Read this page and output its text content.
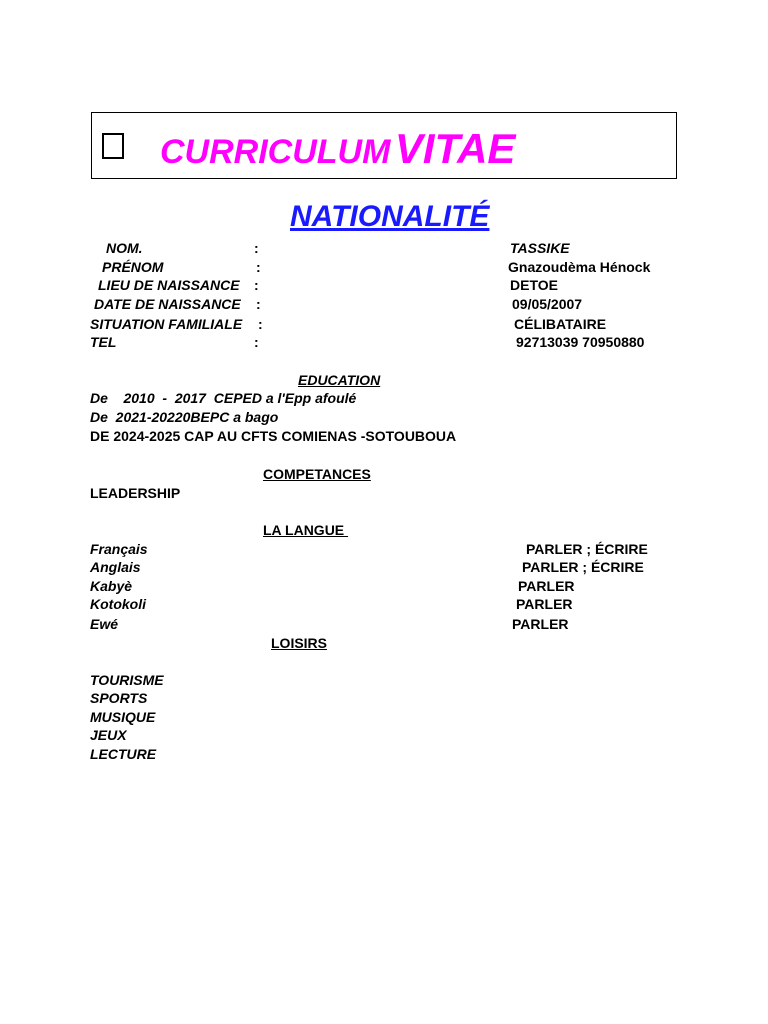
CURRICULUM VITAE
NATIONALITÉ
NOM.	:	TASSIKE
PRÉNOM	:	Gnazoudèma Hénock
LIEU DE NAISSANCE :	DETOE
DATE DE NAISSANCE :	09/05/2007
SITUATION FAMILIALE :	CÉLIBATAIRE
TEL	:	92713039 70950880
EDUCATION
De    2010  -  2017  CEPED a l'Epp afoulé
De  2021-20220BEPC a bago
DE 2024-2025 CAP AU CFTS COMIENAS -SOTOUBOUA
COMPETANCES
LEADERSHIP
LA LANGUE
Français	PARLER ; ÉCRIRE
Anglais	PARLER ; ÉCRIRE
Kabyè	PARLER
Kotokoli	PARLER
Ewé	PARLER
LOISIRS
TOURISME
SPORTS
MUSIQUE
JEUX
LECTURE
